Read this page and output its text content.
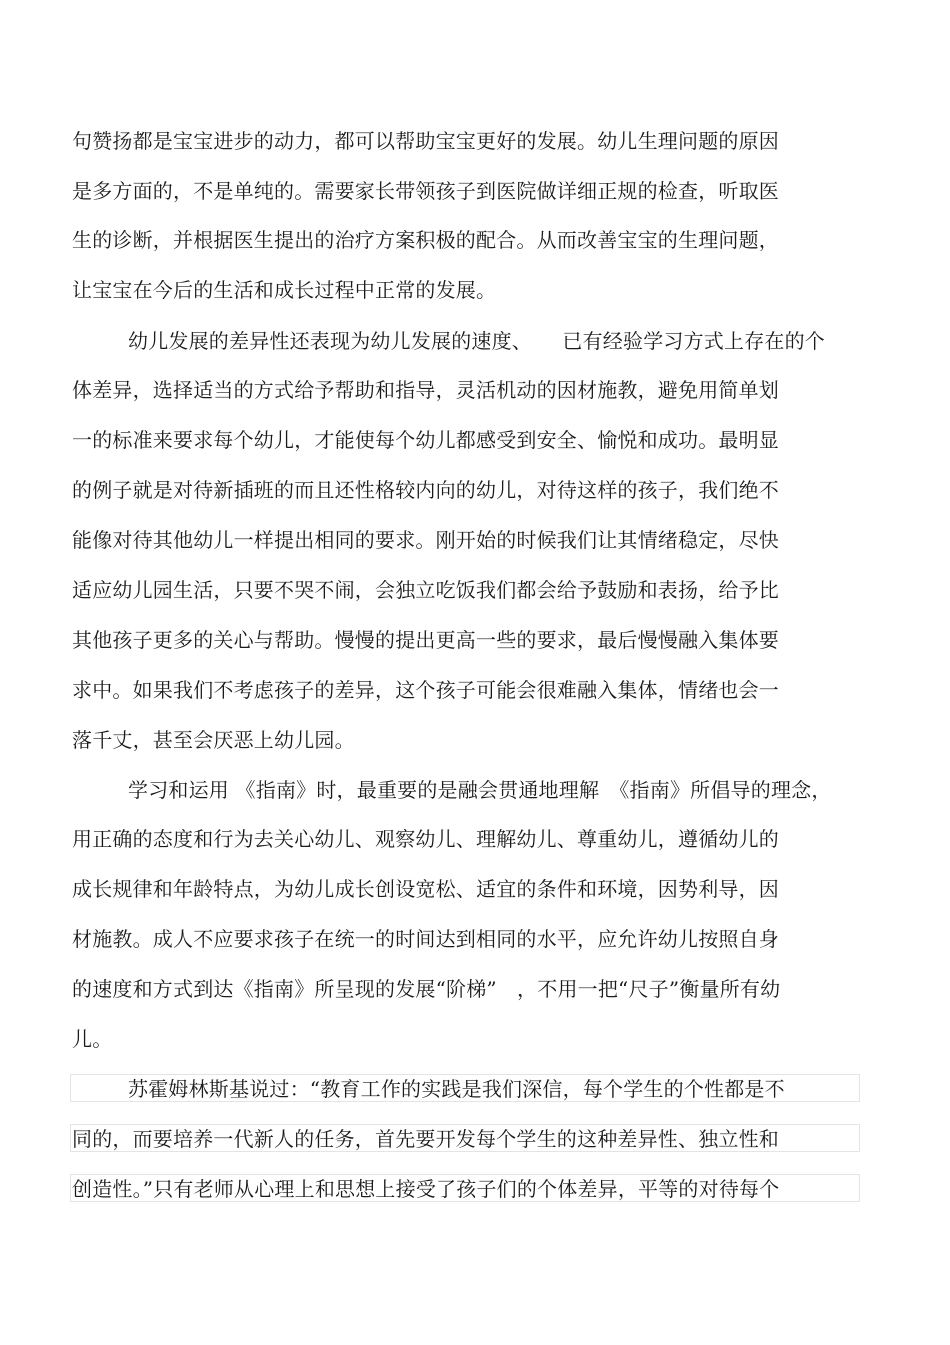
句赞扬都是宝宝进步的动力，都可以帮助宝宝更好的发展。幼儿生理问题的原因
是多方面的，不是单纯的。需要家长带领孩子到医院做详细正规的检查，听取医
生的诊断，并根据医生提出的治疗方案积极的配合。从而改善宝宝的生理问题，
让宝宝在今后的生活和成长过程中正常的发展。
幼儿发展的差异性还表现为幼儿发展的速度、　　已有经验学习方式上存在的个
体差异，选择适当的方式给予帮助和指导，灵活机动的因材施教，避免用简单划
一的标准来要求每个幼儿，才能使每个幼儿都感受到安全、愉悦和成功。最明显
的例子就是对待新插班的而且还性格较内向的幼儿，对待这样的孩子，我们绝不
能像对待其他幼儿一样提出相同的要求。刚开始的时候我们让其情绪稳定，尽快
适应幼儿园生活，只要不哭不闹，会独立吃饭我们都会给予鼓励和表扬，给予比
其他孩子更多的关心与帮助。慢慢的提出更高一些的要求，最后慢慢融入集体要
求中。如果我们不考虑孩子的差异，这个孩子可能会很难融入集体，情绪也会一
落千丈，甚至会厌恶上幼儿园。
学习和运用 《指南》时，最重要的是融会贯通地理解　《指南》所倡导的理念，
用正确的态度和行为去关心幼儿、观察幼儿、理解幼儿、尊重幼儿，遵循幼儿的
成长规律和年龄特点，为幼儿成长创设宽松、适宜的条件和环境，因势利导，因
材施教。成人不应要求孩子在统一的时间达到相同的水平，应允许幼儿按照自身
的速度和方式到达《指南》所呈现的发展“阶梯”　，不用一把“尺子”衡量所有幼
儿。
苏霍姆林斯基说过：“教育工作的实践是我们深信，每个学生的个性都是不
同的，而要培养一代新人的任务，首先要开发每个学生的这种差异性、独立性和
创造性。”只有老师从心理上和思想上接受了孩子们的个体差异，平等的对待每个
